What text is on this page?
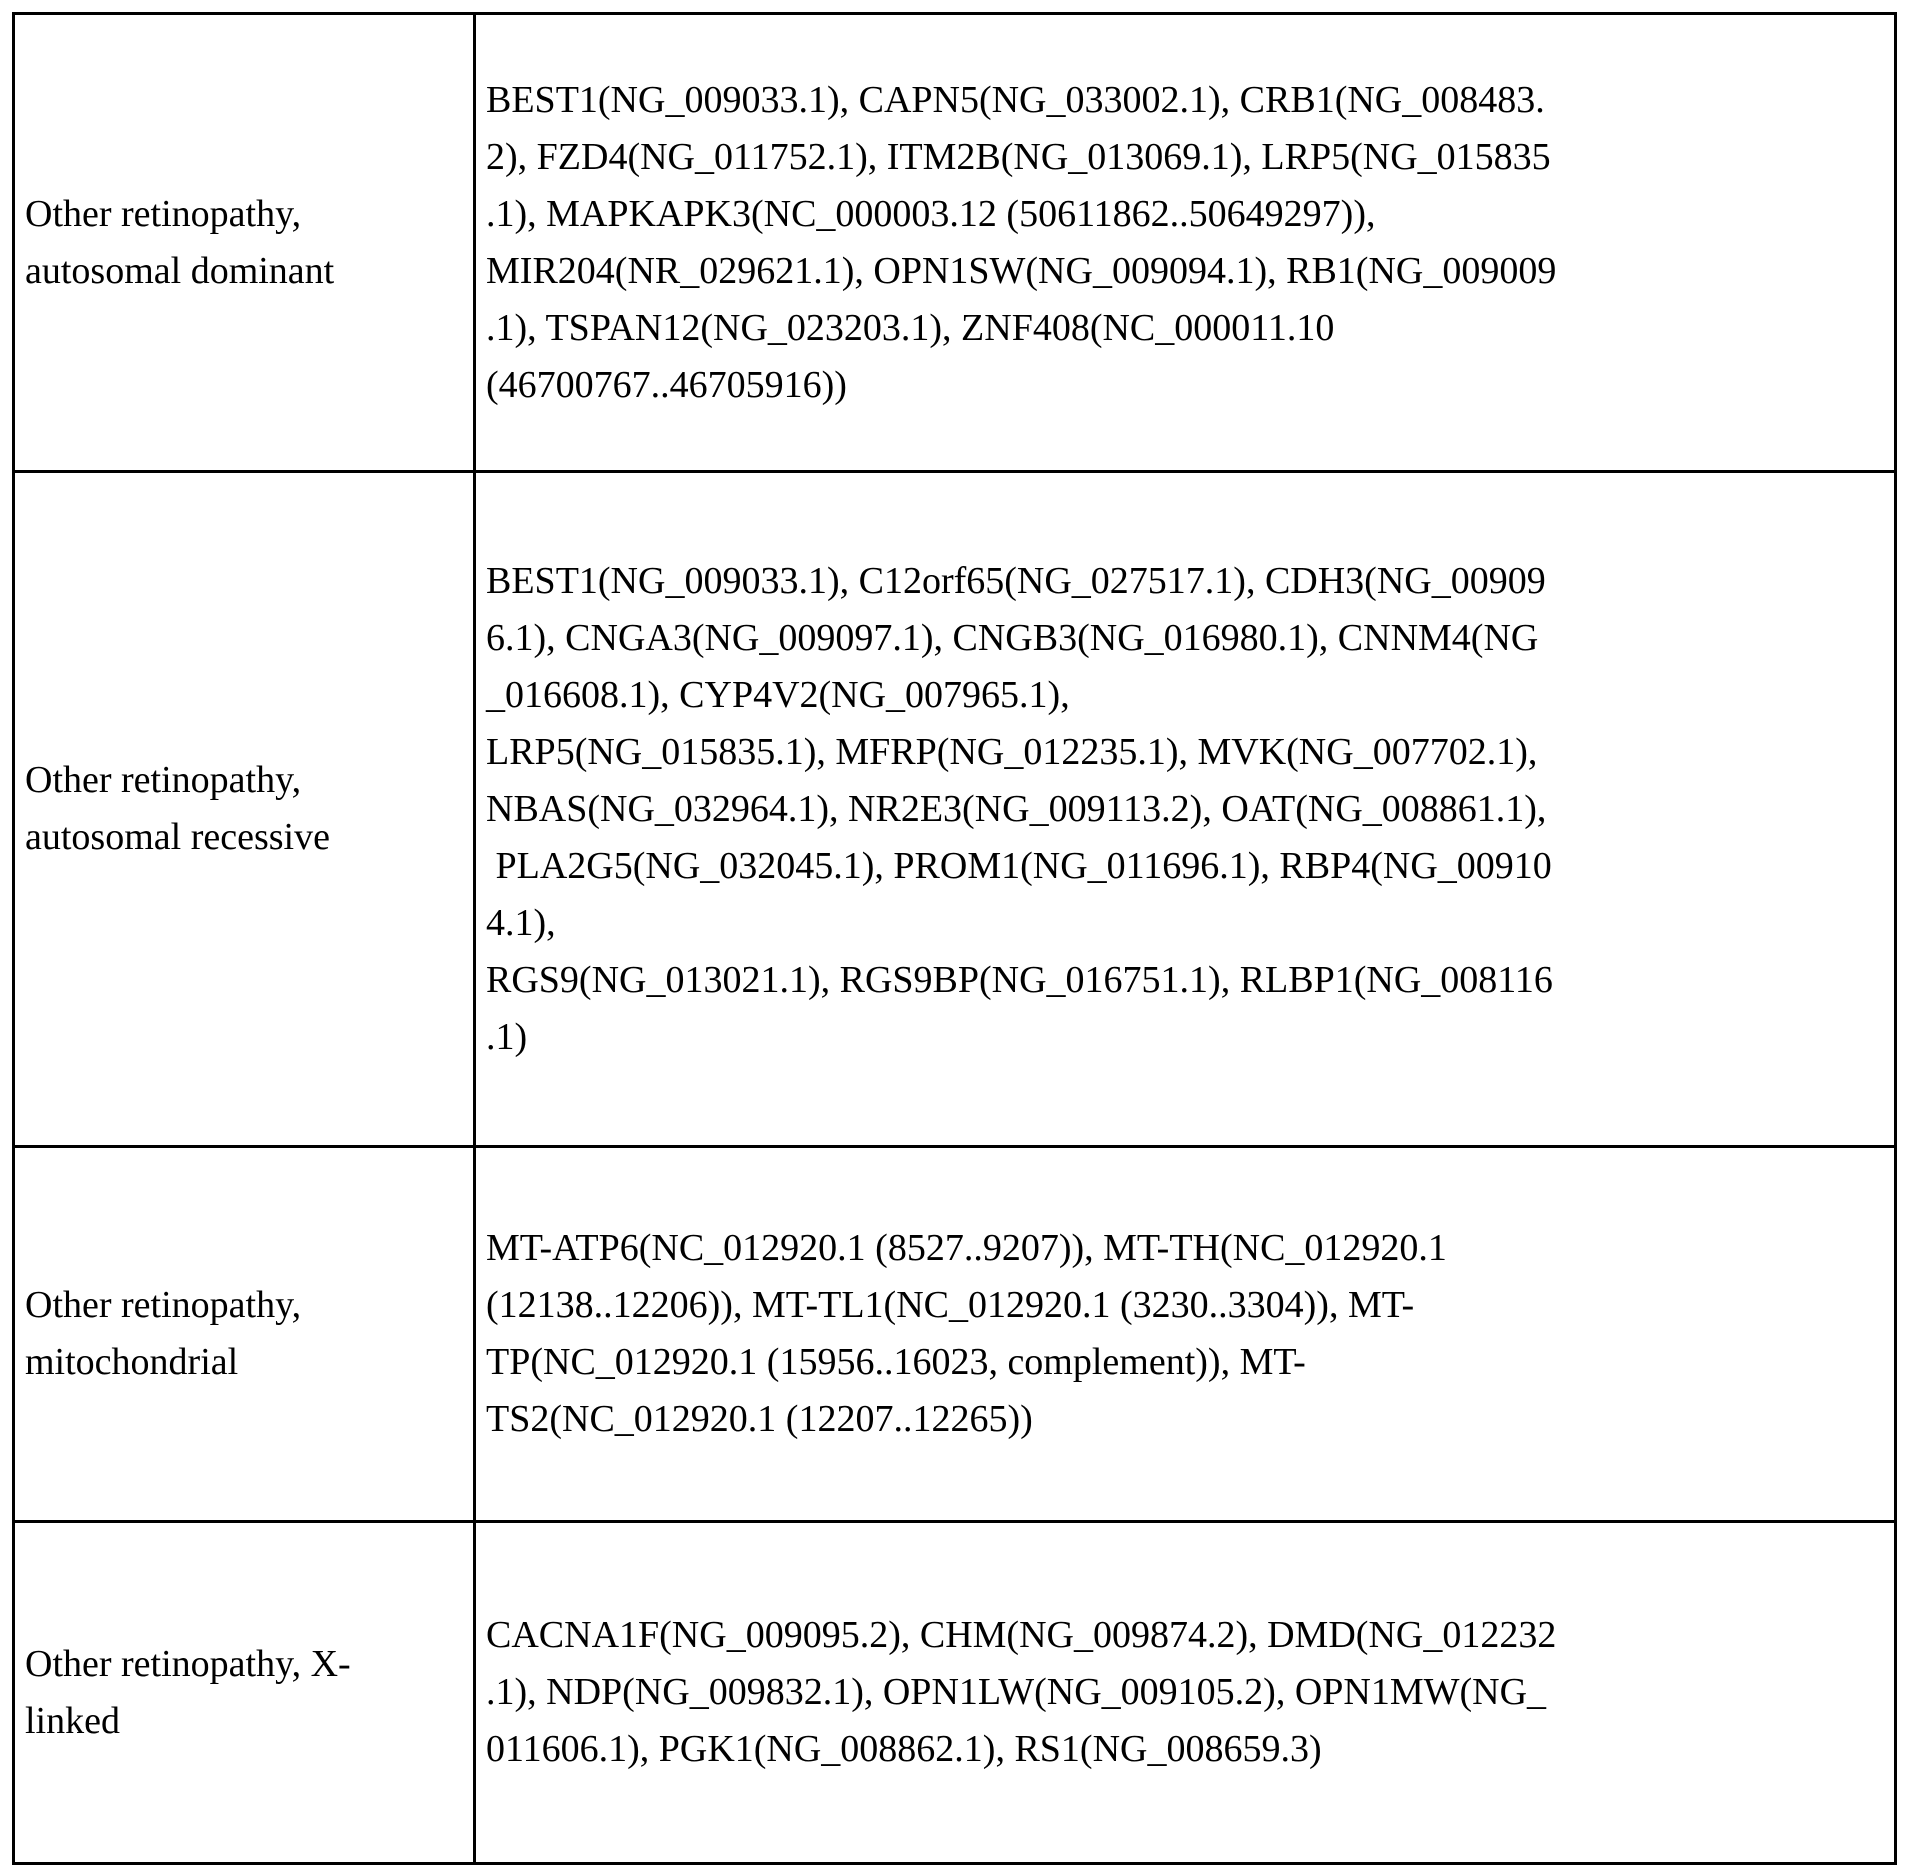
Other retinopathy,
autosomal dominant

BEST1(NG_009033.1), CAPN5(NG_033002.1), CRB1(NG_008483.
2), FZD4(NG_011752.1), ITM2B(NG_013069.1), LRP5(NG_015835
.1), MAPKAPK3(NC_000003.12 (50611862..50649297)),
MIR204(NR_029621.1), OPN1SW(NG_009094.1), RB1(NG_009009
.1), TSPAN12(NG_023203.1), ZNF408(NC_000011.10
(46700767..46705916))

Other retinopathy,
autosomal recessive

BEST1(NG_009033.1), C12orf65(NG_027517.1), CDH3(NG_00909
6.1), CNGA3(NG_009097.1), CNGB3(NG_016980.1), CNNM4(NG
_016608.1), CYP4V2(NG_007965.1),
LRP5(NG_015835.1), MFRP(NG_012235.1), MVK(NG_007702.1),
NBAS(NG_032964.1), NR2E3(NG_009113.2), OAT(NG_008861.1),
PLA2G5(NG_032045.1), PROM1(NG_011696.1), RBP4(NG_00910
4.1),
RGS9(NG_013021.1), RGS9BP(NG_016751.1), RLBP1(NG_008116
.1)

Other retinopathy,
mitochondrial

MT-ATP6(NC_012920.1 (8527..9207)), MT-TH(NC_012920.1
(12138..12206)), MT-TL1(NC_012920.1 (3230..3304)), MT-
TP(NC_012920.1 (15956..16023, complement)), MT-
TS2(NC_012920.1 (12207..12265))

Other retinopathy, X-
linked

CACNA1F(NG_009095.2), CHM(NG_009874.2), DMD(NG_012232
.1), NDP(NG_009832.1), OPN1LW(NG_009105.2), OPN1MW(NG_
011606.1), PGK1(NG_008862.1), RS1(NG_008659.3)
